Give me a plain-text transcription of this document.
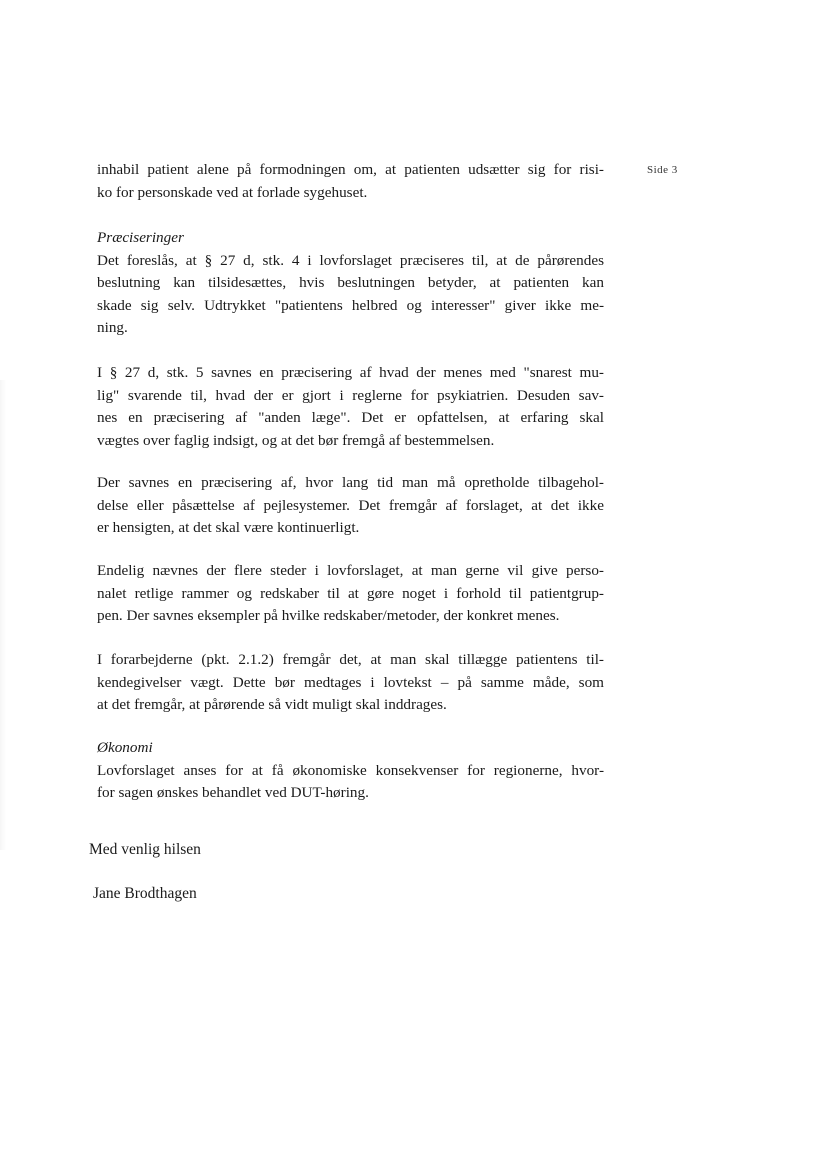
Side 3
inhabil patient alene på formodningen om, at patienten udsætter sig for risi-
ko for personskade ved at forlade sygehuset.
Præciseringer
Det foreslås, at § 27 d, stk. 4 i lovforslaget præciseres til, at de pårørendes
beslutning kan tilsidesættes, hvis beslutningen betyder, at patienten kan
skade sig selv. Udtrykket "patientens helbred og interesser" giver ikke me-
ning.
I § 27 d, stk. 5 savnes en præcisering af hvad der menes med "snarest mu-
lig" svarende til, hvad der er gjort i reglerne for psykiatrien. Desuden sav-
nes en præcisering af "anden læge". Det er opfattelsen, at erfaring skal
vægtes over faglig indsigt, og at det bør fremgå af bestemmelsen.
Der savnes en præcisering af, hvor lang tid man må opretholde tilbagehol-
delse eller påsættelse af pejlesystemer. Det fremgår af forslaget, at det ikke
er hensigten, at det skal være kontinuerligt.
Endelig nævnes der flere steder i lovforslaget, at man gerne vil give perso-
nalet retlige rammer og redskaber til at gøre noget i forhold til patientgrup-
pen. Der savnes eksempler på hvilke redskaber/metoder, der konkret menes.
I forarbejderne (pkt. 2.1.2) fremgår det, at man skal tillægge patientens til-
kendegivelser vægt. Dette bør medtages i lovtekst – på samme måde, som
at det fremgår, at pårørende så vidt muligt skal inddrages.
Økonomi
Lovforslaget anses for at få økonomiske konsekvenser for regionerne, hvor-
for sagen ønskes behandlet ved DUT-høring.
Med venlig hilsen
Jane Brodthagen
